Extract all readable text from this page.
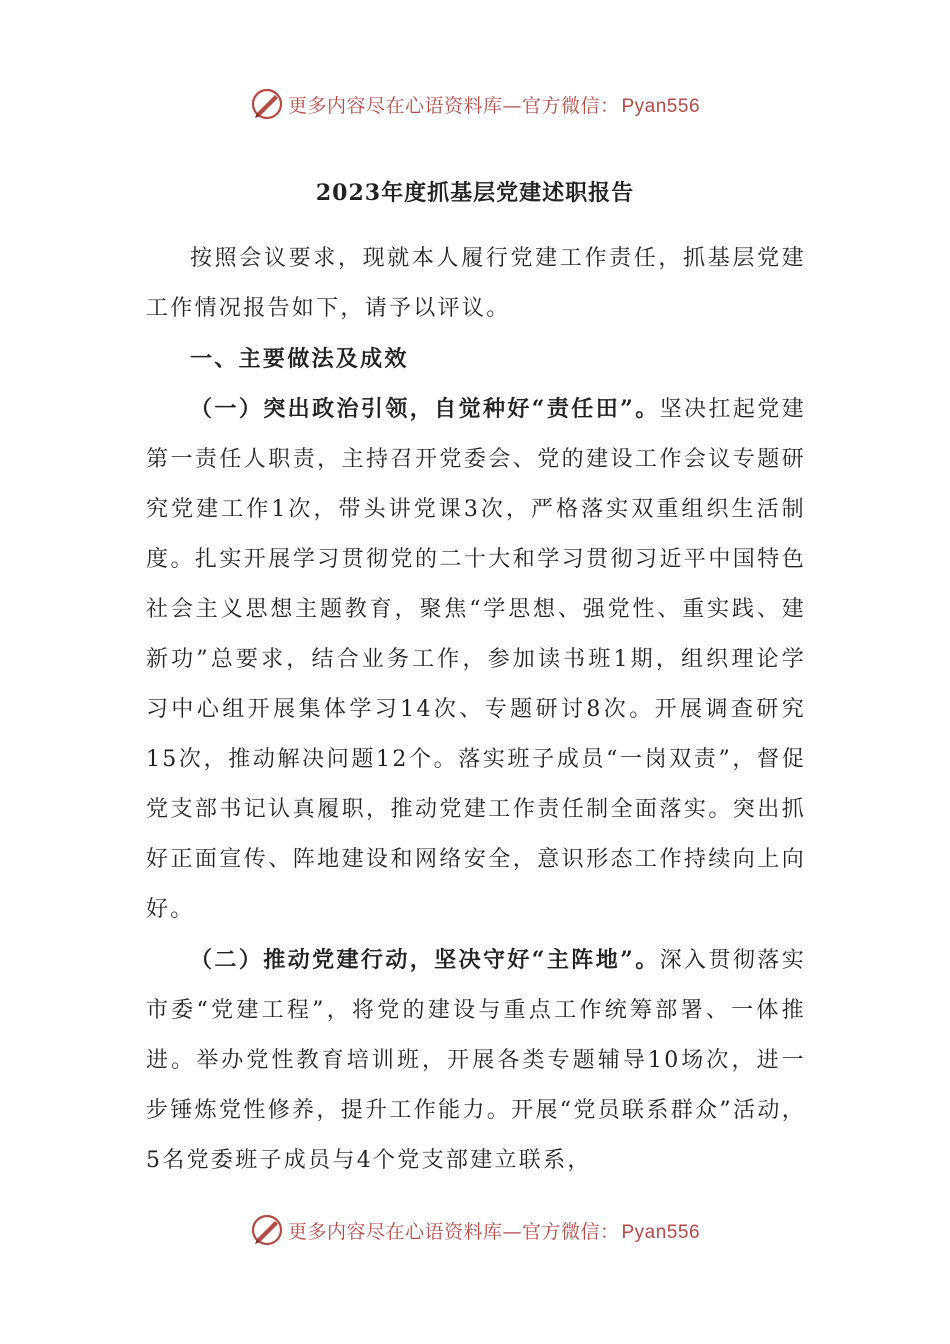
更多内容尽在心语资料库—官方微信： Pyan556
2023年度抓基层党建述职报告

按照会议要求，现就本人履行党建工作责任，抓基层党建工作情况报告如下，请予以评议。

一、主要做法及成效

（一）突出政治引领，自觉种好“责任田”。坚决扛起党建第一责任人职责，主持召开党委会、党的建设工作会议专题研究党建工作1次，带头讲党课3次，严格落实双重组织生活制度。扎实开展学习贯彻党的二十大和学习贯彻习近平中国特色社会主义思想主题教育，聚焦“学思想、强党性、重实践、建新功”总要求，结合业务工作，参加读书班1期，组织理论学习中心组开展集体学习14次、专题研讨8次。开展调查研究15次，推动解决问题12个。落实班子成员“一岗双责”，督促党支部书记认真履职，推动党建工作责任制全面落实。突出抓好正面宣传、阵地建设和网络安全，意识形态工作持续向上向好。

（二）推动党建行动，坚决守好“主阵地”。深入贯彻落实市委“党建工程”，将党的建设与重点工作统筹部署、一体推进。举办党性教育培训班，开展各类专题辅导10场次，进一步锤炼党性修养，提升工作能力。开展“党员联系群众”活动，5名党委班子成员与4个党支部建立联系，

更多内容尽在心语资料库—官方微信： Pyan556
